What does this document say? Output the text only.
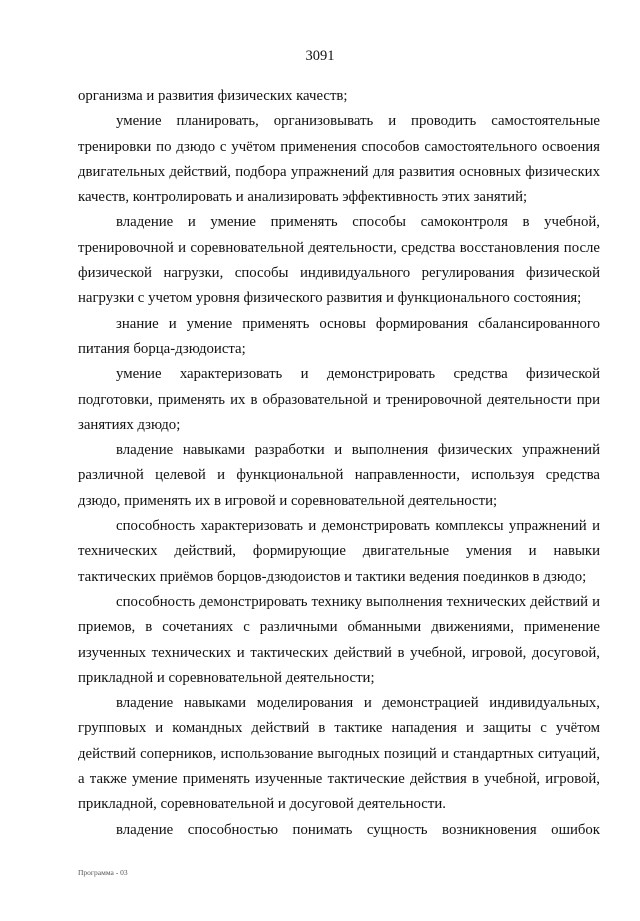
3091

организма и развития физических качеств;

умение планировать, организовывать и проводить самостоятельные тренировки по дзюдо с учётом применения способов самостоятельного освоения двигательных действий, подбора упражнений для развития основных физических качеств, контролировать и анализировать эффективность этих занятий;

владение и умение применять способы самоконтроля в учебной, тренировочной и соревновательной деятельности, средства восстановления после физической нагрузки, способы индивидуального регулирования физической нагрузки с учетом уровня физического развития и функционального состояния;

знание и умение применять основы формирования сбалансированного питания борца-дзюдоиста;

умение характеризовать и демонстрировать средства физической подготовки, применять их в образовательной и тренировочной деятельности при занятиях дзюдо;

владение навыками разработки и выполнения физических упражнений различной целевой и функциональной направленности, используя средства дзюдо, применять их в игровой и соревновательной деятельности;

способность характеризовать и демонстрировать комплексы упражнений и технических действий, формирующие двигательные умения и навыки тактических приёмов борцов-дзюдоистов и тактики ведения поединков в дзюдо;

способность демонстрировать технику выполнения технических действий и приемов, в сочетаниях с различными обманными движениями, применение изученных технических и тактических действий в учебной, игровой, досуговой, прикладной и соревновательной деятельности;

владение навыками моделирования и демонстрацией индивидуальных, групповых и командных действий в тактике нападения и защиты с учётом действий соперников, использование выгодных позиций и стандартных ситуаций, а также умение применять изученные тактические действия в учебной, игровой, прикладной, соревновательной и досуговой деятельности.

владение способностью понимать сущность возникновения ошибок

Программа - 03
